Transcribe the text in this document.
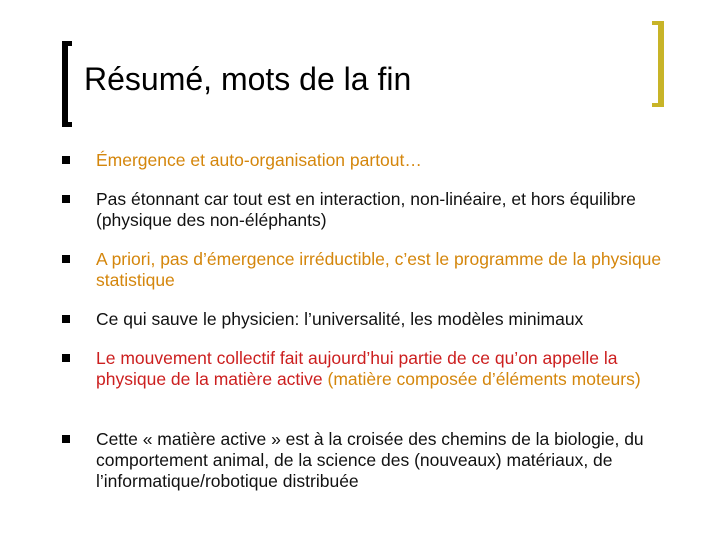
Résumé, mots de la fin
Émergence et auto-organisation partout…
Pas étonnant car tout est en interaction, non-linéaire, et hors équilibre (physique des non-éléphants)
A priori, pas d’émergence irréductible, c’est le programme de la physique statistique
Ce qui sauve le physicien: l’universalité, les modèles minimaux
Le mouvement collectif fait aujourd’hui partie de ce qu’on appelle la physique de la matière active (matière composée d’éléments moteurs)
Cette « matière active » est à la croisée des chemins de la biologie, du comportement animal, de la science des (nouveaux) matériaux, de l’informatique/robotique distribuée
